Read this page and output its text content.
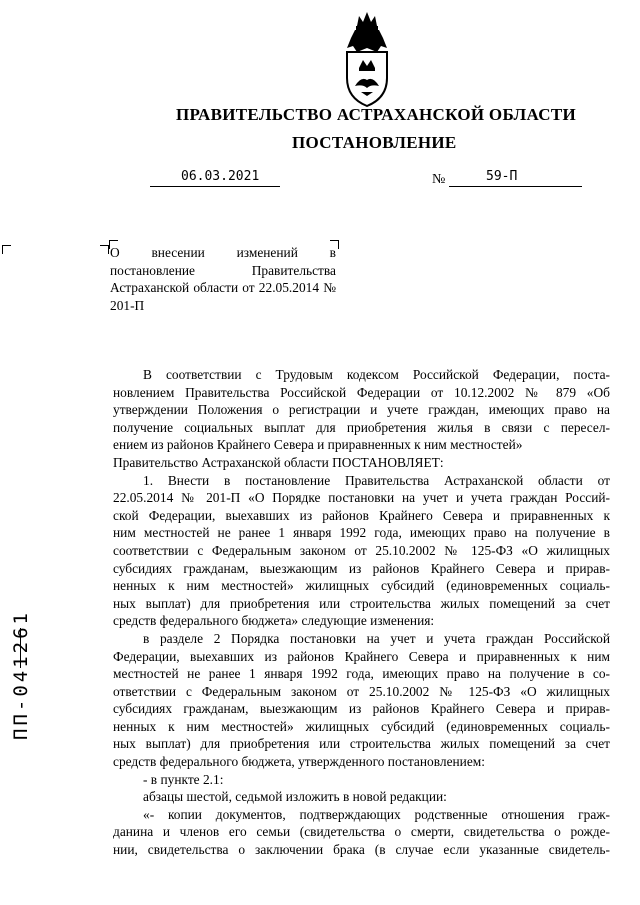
ПРАВИТЕЛЬСТВО АСТРАХАНСКОЙ ОБЛАСТИ
ПОСТАНОВЛЕНИЕ
06.03.2021	№	59-П
О внесении изменений в постановление Правительства Астраханской области от 22.05.2014 № 201-П
В соответствии с Трудовым кодексом Российской Федерации, поста-
новлением Правительства Российской Федерации от 10.12.2002 № 879 «Об
утверждении Положения о регистрации и учете граждан, имеющих право на
получение социальных выплат для приобретения жилья в связи с пересел-
ением из районов Крайнего Севера и приравненных к ним местностей»
Правительство Астраханской области ПОСТАНОВЛЯЕТ:
1. Внести в постановление Правительства Астраханской области от
22.05.2014 № 201-П «О Порядке постановки на учет и учета граждан Россий-
ской Федерации, выехавших из районов Крайнего Севера и приравненных к
ним местностей не ранее 1 января 1992 года, имеющих право на получение в
соответствии с Федеральным законом от 25.10.2002 № 125-ФЗ «О жилищных
субсидиях гражданам, выезжающим из районов Крайнего Севера и прирав-
ненных к ним местностей» жилищных субсидий (единовременных социаль-
ных выплат) для приобретения или строительства жилых помещений за счет
средств федерального бюджета» следующие изменения:
в разделе 2 Порядка постановки на учет и учета граждан Российской
Федерации, выехавших из районов Крайнего Севера и приравненных к ним
местностей не ранее 1 января 1992 года, имеющих право на получение в со-
ответствии с Федеральным законом от 25.10.2002 № 125-ФЗ «О жилищных
субсидиях гражданам, выезжающим из районов Крайнего Севера и прирав-
ненных к ним местностей» жилищных субсидий (единовременных социаль-
ных выплат) для приобретения или строительства жилых помещений за счет
средств федерального бюджета, утвержденного постановлением:
- в пункте 2.1:
абзацы шестой, седьмой изложить в новой редакции:
«- копии документов, подтверждающих родственные отношения граж-
данина и членов его семьи (свидетельства о смерти, свидетельства о рожде-
нии, свидетельства о заключении брака (в случае если указанные свидетель-
ПП-041261
